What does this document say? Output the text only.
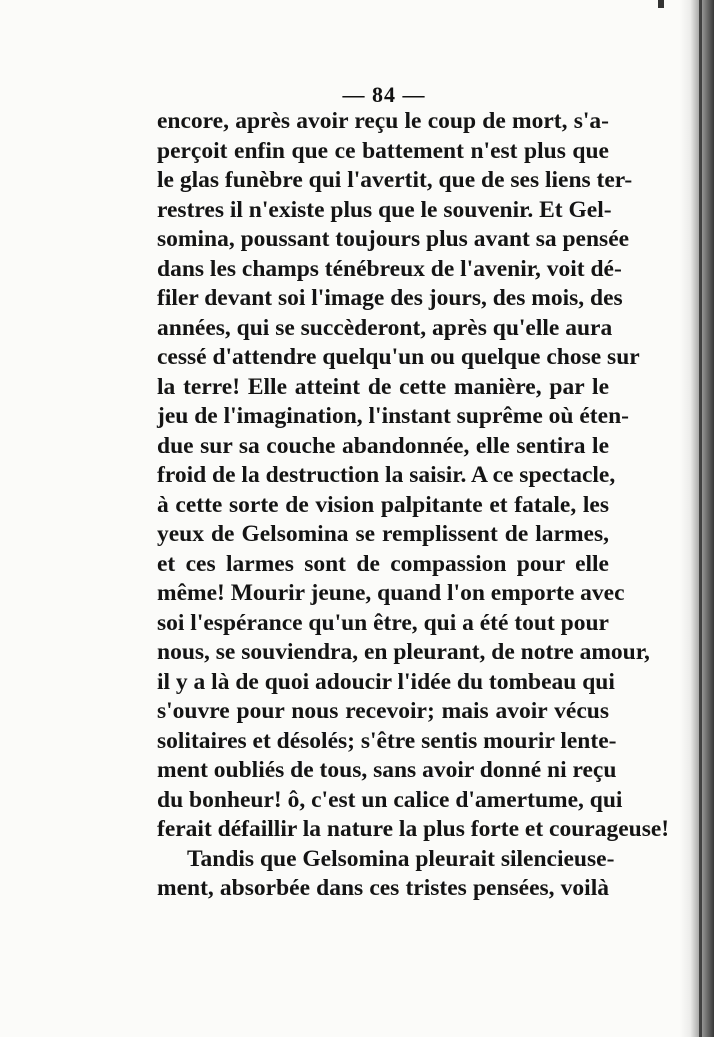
— 84 —
encore, après avoir reçu le coup de mort, s'a-
perçoit enfin que ce battement n'est plus que
le glas funèbre qui l'avertit, que de ses liens ter-
restres il n'existe plus que le souvenir. Et Gel-
somina, poussant toujours plus avant sa pensée
dans les champs ténébreux de l'avenir, voit dé-
filer devant soi l'image des jours, des mois, des
années, qui se succèderont, après qu'elle aura
cessé d'attendre quelqu'un ou quelque chose sur
la terre! Elle atteint de cette manière, par le
jeu de l'imagination, l'instant suprême où éten-
due sur sa couche abandonnée, elle sentira le
froid de la destruction la saisir. A ce spectacle,
à cette sorte de vision palpitante et fatale, les
yeux de Gelsomina se remplissent de larmes,
et ces larmes sont de compassion pour elle
même! Mourir jeune, quand l'on emporte avec
soi l'espérance qu'un être, qui a été tout pour
nous, se souviendra, en pleurant, de notre amour,
il y a là de quoi adoucir l'idée du tombeau qui
s'ouvre pour nous recevoir; mais avoir vécus
solitaires et désolés; s'être sentis mourir lente-
ment oubliés de tous, sans avoir donné ni reçu
du bonheur! ô, c'est un calice d'amertume, qui
ferait défaillir la nature la plus forte et courageuse!
Tandis que Gelsomina pleurait silencieuse-
ment, absorbée dans ces tristes pensées, voilà
